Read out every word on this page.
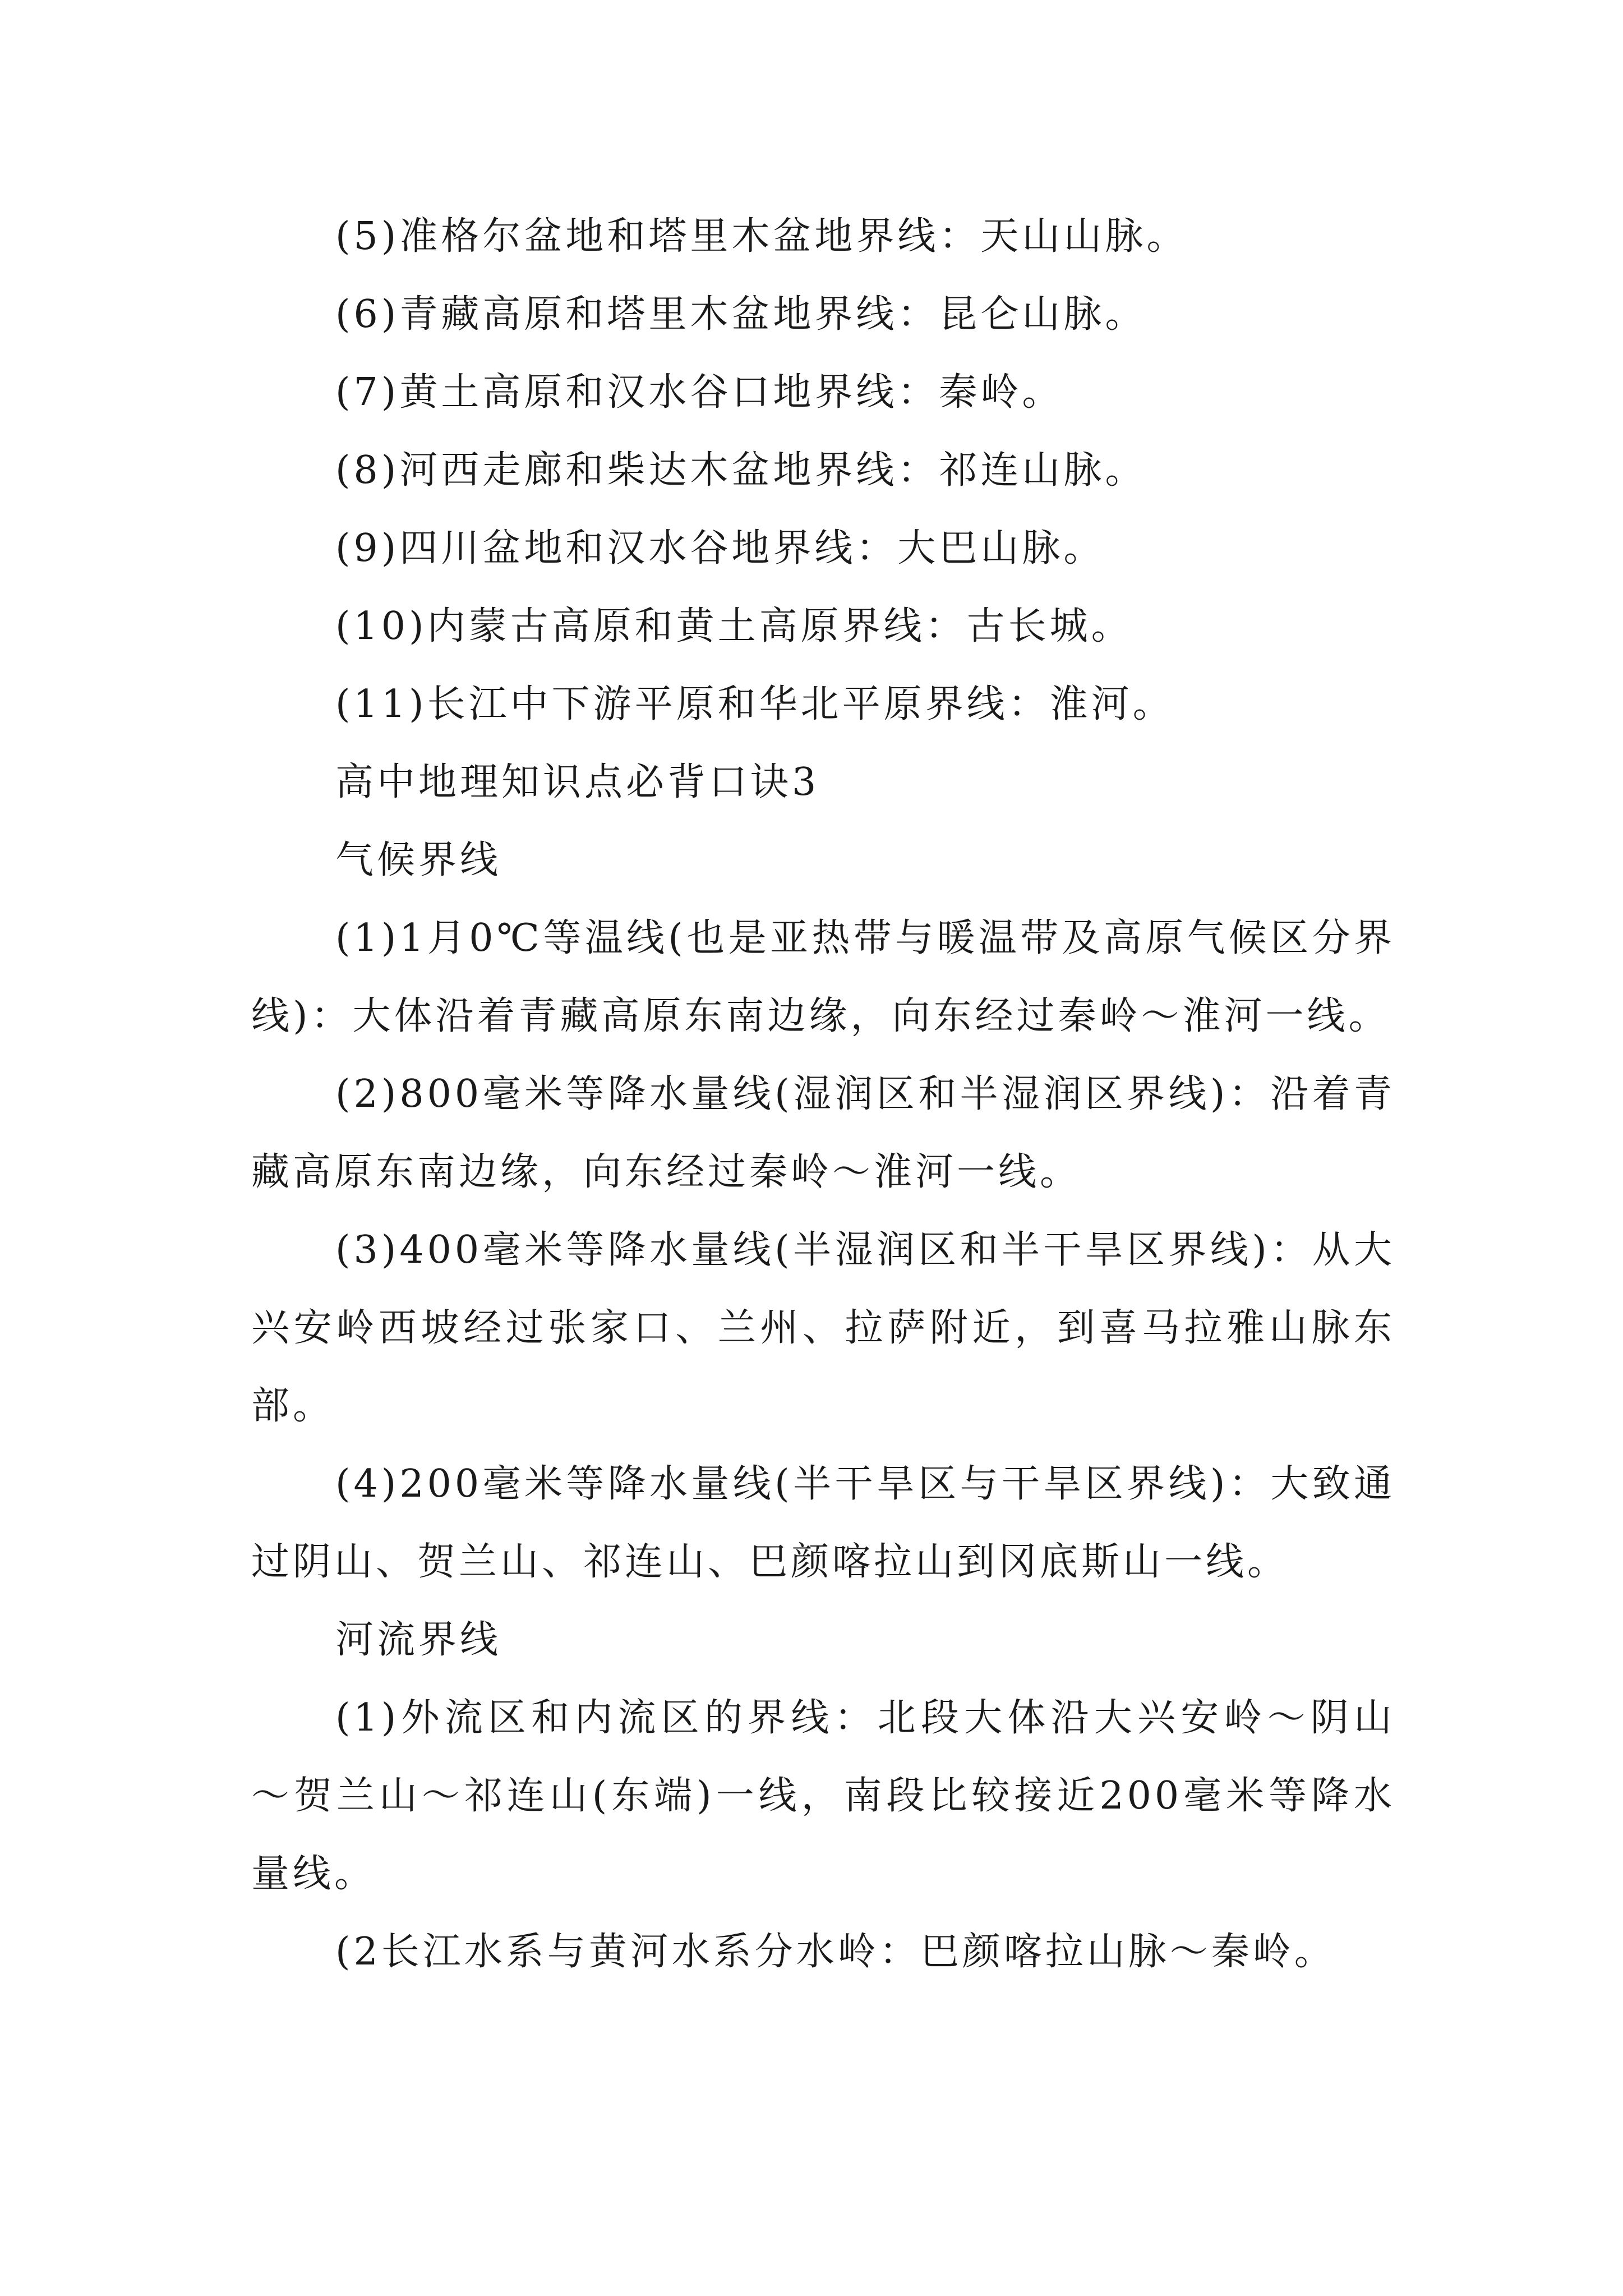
(5)准格尔盆地和塔里木盆地界线：天山山脉。

(6)青藏高原和塔里木盆地界线：昆仑山脉。

(7)黄土高原和汉水谷口地界线：秦岭。

(8)河西走廊和柴达木盆地界线：祁连山脉。

(9)四川盆地和汉水谷地界线：大巴山脉。

(10)内蒙古高原和黄土高原界线：古长城。

(11)长江中下游平原和华北平原界线：淮河。

高中地理知识点必背口诀3

气候界线

(1)1月0℃等温线(也是亚热带与暖温带及高原气候区分界线)：大体沿着青藏高原东南边缘，向东经过秦岭～淮河一线。

(2)800毫米等降水量线(湿润区和半湿润区界线)：沿着青藏高原东南边缘，向东经过秦岭～淮河一线。

(3)400毫米等降水量线(半湿润区和半干旱区界线)：从大兴安岭西坡经过张家口、兰州、拉萨附近，到喜马拉雅山脉东部。

(4)200毫米等降水量线(半干旱区与干旱区界线)：大致通过阴山、贺兰山、祁连山、巴颜喀拉山到冈底斯山一线。

河流界线

(1)外流区和内流区的界线：北段大体沿大兴安岭～阴山～贺兰山～祁连山(东端)一线，南段比较接近200毫米等降水量线。

(2长江水系与黄河水系分水岭：巴颜喀拉山脉～秦岭。
